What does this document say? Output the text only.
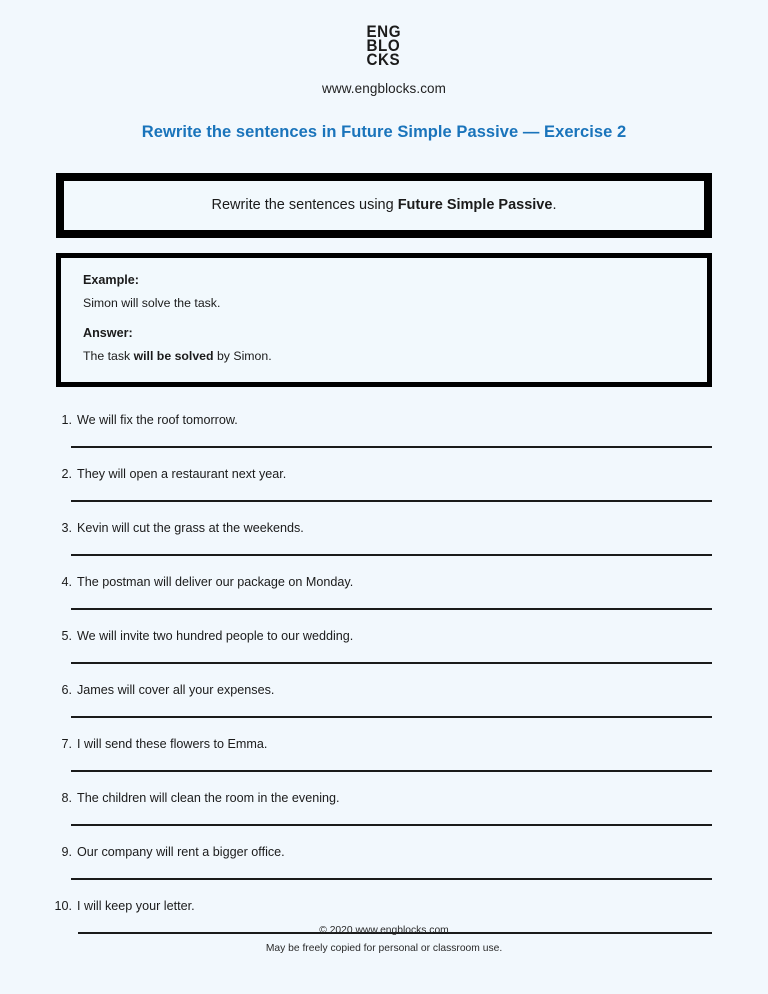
ENG
BLO
CKS
www.engblocks.com
Rewrite the sentences in Future Simple Passive — Exercise 2
Rewrite the sentences using Future Simple Passive.

Example:

Simon will solve the task.

Answer:

The task will be solved by Simon.

1. We will fix the roof tomorrow.
2. They will open a restaurant next year.
3. Kevin will cut the grass at the weekends.
4. The postman will deliver our package on Monday.
5. We will invite two hundred people to our wedding.
6. James will cover all your expenses.
7. I will send these flowers to Emma.
8. The children will clean the room in the evening.
9. Our company will rent a bigger office.
10. I will keep your letter.
© 2020 www.engblocks.com
May be freely copied for personal or classroom use.
